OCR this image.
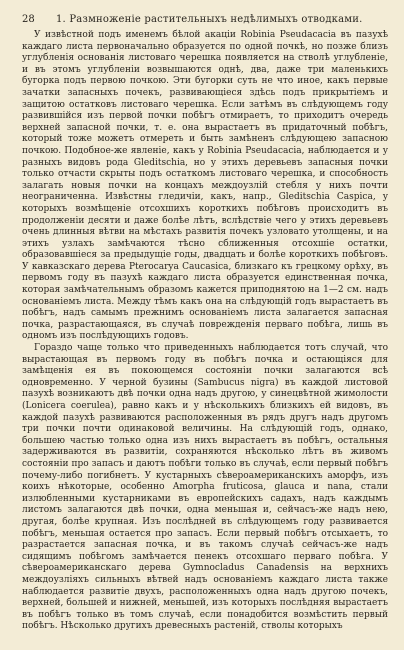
28	1. Размноженіе растительныхъ недѣлимыхъ отводками.

У извѣстной подъ именемъ бѣлой акаціи Robinia Pseudacacia въ пазухѣ каждаго листа первоначально образуется по одной почкѣ, но позже близъ углубленія основанія листоваго черешка появляется на стволѣ углубленіе, и въ этомъ углубленіи возвышаются однѣ, два, даже три маленькихъ бугорка подъ первою почкою. Эти бугорки суть не что иное, какъ первые зачатки запасныхъ почекъ, развивающіеся здѣсь подъ прикрытіемъ и защитою остатковъ листоваго черешка. Если затѣмъ въ слѣдующемъ году развившійся изъ первой почки побѣгъ отмираетъ, то приходитъ очередь верхней запасной почки, т. е. она вырастаетъ въ придаточный побѣгъ, который тоже можетъ отмереть и быть замѣненъ слѣдующею запасною почкою. Подобное-же явленіе, какъ у Robinia Pseudacacia, наблюдается и у разныхъ видовъ рода Gleditschia, но у этихъ деревьевъ запасныя почки только отчасти скрыты подъ остаткомъ листоваго черешка, и способность залагать новыя почки на концахъ междоузлій стебля у нихъ почти неограниченна. Извѣстны гледичіи, какъ, напр., Gleditschia Caspica, у которыхъ возмѣщеніе отсохшихъ короткихъ побѣговъ происходитъ въ продолженіи десяти и даже болѣе лѣтъ, вслѣдствіе чего у этихъ деревьевъ очень длинныя вѣтви на мѣстахъ развитія почекъ узловато утолщены, и на этихъ узлахъ замѣчаются тѣсно сближенныя отсохшіе остатки, образовавшіеся за предыдущіе годы, двадцать и болѣе короткихъ побѣговъ. У кавказскаго дерева Pterocarya Caucasica, близкаго къ грецкому орѣху, въ первомъ году въ пазухѣ каждаго листа образуется единственная почка, которая замѣчательнымъ образомъ кажется приподнятою на 1—2 см. надъ основаніемъ листа. Между тѣмъ какъ она на слѣдующій годъ вырастаетъ въ побѣгъ, надъ самымъ прежнимъ основаніемъ листа залагается запасная почка, разрастающаяся, въ случаѣ поврежденія перваго побѣга, лишь въ одномъ изъ послѣдующихъ годовъ.

Гораздо чаще только что приведенныхъ наблюдается тотъ случай, что вырастающая въ первомъ году въ побѣгъ почка и остающіяся для замѣщенія ея въ покоющемся состояніи почки залагаются всѣ одновременно. У черной бузины (Sambucus nigra) въ каждой листовой пазухѣ возникаютъ двѣ почки одна надъ другою, у синецвѣтной жимолости (Lonicera coerulea), равно какъ и у нѣсколькихъ близкихъ ей видовъ, въ каждой пазухѣ развиваются расположенныя въ рядъ другъ надъ другомъ три почки почти одинаковой величины. На слѣдующій годъ, однако, большею частью только одна изъ нихъ вырастаетъ въ побѣгъ, остальныя задерживаются въ развитіи, сохраняются нѣсколько лѣтъ въ живомъ состояніи про запасъ и даютъ побѣги только въ случаѣ, если первый побѣгъ почему-либо погибнетъ. У кустарныхъ сѣвероамериканскихъ аморфъ, изъ коихъ нѣкоторые, особенно Amorpha fruticosa, glauca и nana, стали излюбленными кустарниками въ европейскихъ садахъ, надъ каждымъ листомъ залагаются двѣ почки, одна меньшая и, сейчасъ-же надъ нею, другая, болѣе крупная. Изъ послѣдней въ слѣдующемъ году развивается побѣгъ, меньшая остается про запасъ. Если первый побѣгъ отсыхаетъ, то разрастается запасная почка, и въ такомъ случаѣ сейчасъ-же надъ сидящимъ побѣгомъ замѣчается пенекъ отсохшаго перваго побѣга. У сѣвероамериканскаго дерева Gymnocladus Canadensis на верхнихъ междоузліяхъ сильныхъ вѣтвей надъ основаніемъ каждаго листа также наблюдается развитіе двухъ, расположенныхъ одна надъ другою почекъ, верхней, большей и нижней, меньшей, изъ которыхъ послѣдняя вырастаетъ въ побѣгъ только въ томъ случаѣ, если понадобится возмѣстить первый побѣгъ. Нѣсколько другихъ древесныхъ растеній, стволы которыхъ
